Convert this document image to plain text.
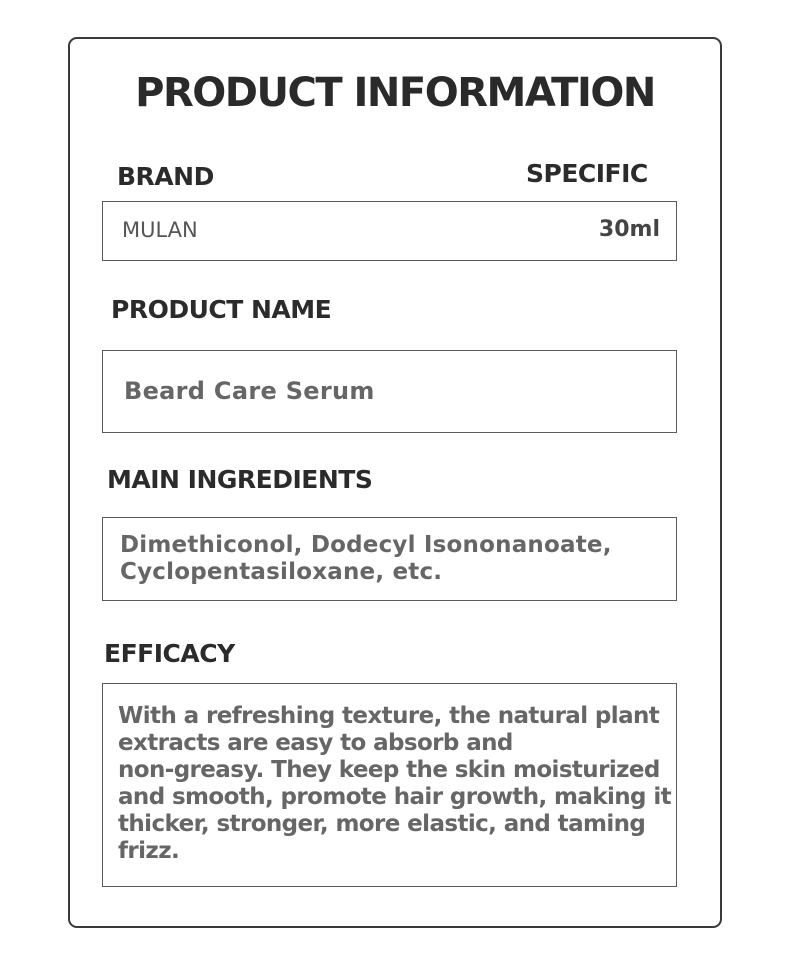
PRODUCT INFORMATION
BRAND	SPECIFIC
MULAN	30ml
PRODUCT NAME
Beard Care Serum
MAIN INGREDIENTS
Dimethiconol, Dodecyl Isononanoate,
Cyclopentasiloxane, etc.
EFFICACY
With a refreshing texture, the natural plant
extracts are easy to absorb and
non-greasy. They keep the skin moisturized
and smooth, promote hair growth, making it
thicker, stronger, more elastic, and taming
frizz.
